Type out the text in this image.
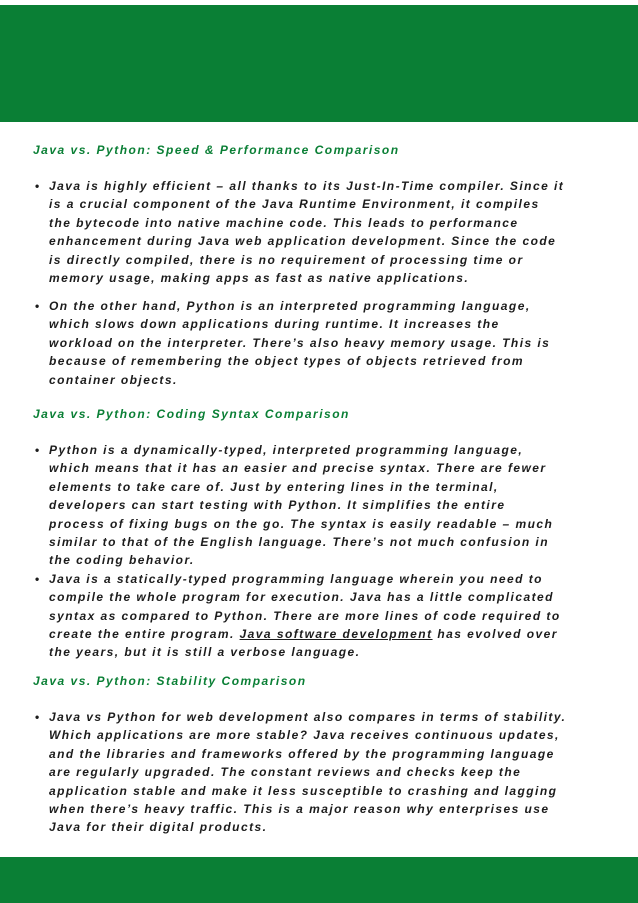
Java vs. Python: Speed & Performance Comparison
• Java is highly efficient – all thanks to its Just-In-Time compiler. Since it
is a crucial component of the Java Runtime Environment, it compiles
the bytecode into native machine code. This leads to performance
enhancement during Java web application development. Since the code
is directly compiled, there is no requirement of processing time or
memory usage, making apps as fast as native applications.
• On the other hand, Python is an interpreted programming language,
which slows down applications during runtime. It increases the
workload on the interpreter. There’s also heavy memory usage. This is
because of remembering the object types of objects retrieved from
container objects.
Java vs. Python: Coding Syntax Comparison
• Python is a dynamically-typed, interpreted programming language,
which means that it has an easier and precise syntax. There are fewer
elements to take care of. Just by entering lines in the terminal,
developers can start testing with Python. It simplifies the entire
process of fixing bugs on the go. The syntax is easily readable – much
similar to that of the English language. There’s not much confusion in
the coding behavior.
• Java is a statically-typed programming language wherein you need to
compile the whole program for execution. Java has a little complicated
syntax as compared to Python. There are more lines of code required to
create the entire program. Java software development has evolved over
the years, but it is still a verbose language.
Java vs. Python: Stability Comparison
• Java vs Python for web development also compares in terms of stability.
Which applications are more stable? Java receives continuous updates,
and the libraries and frameworks offered by the programming language
are regularly upgraded. The constant reviews and checks keep the
application stable and make it less susceptible to crashing and lagging
when there’s heavy traffic. This is a major reason why enterprises use
Java for their digital products.
